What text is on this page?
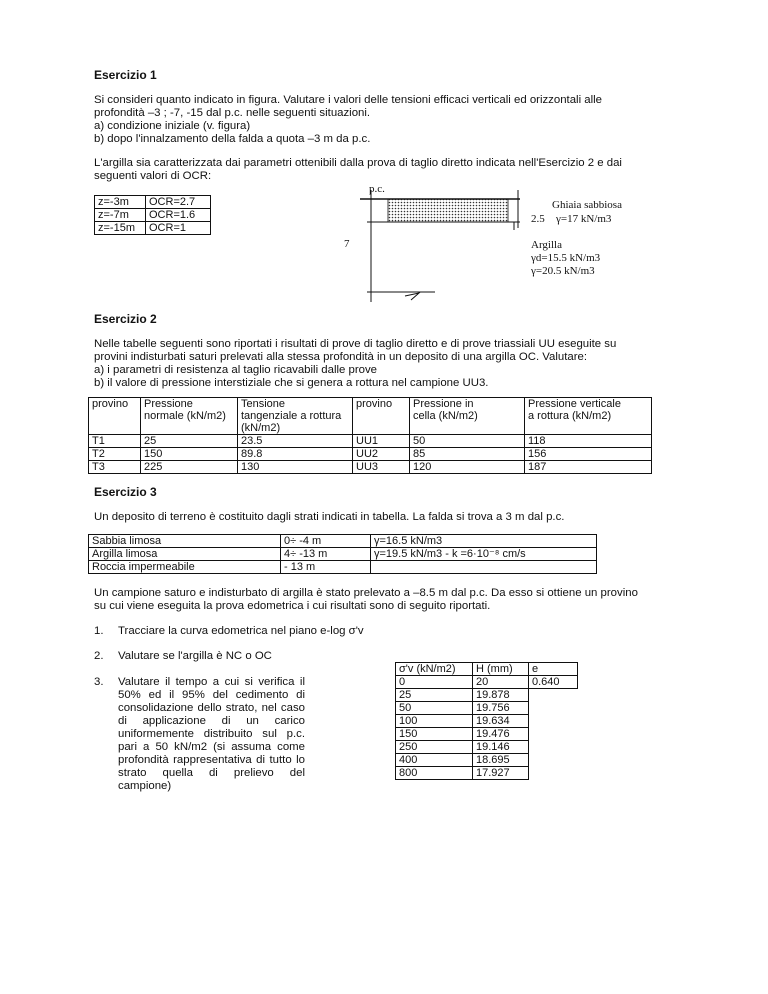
Esercizio 1
Si consideri quanto indicato in figura. Valutare i valori delle tensioni efficaci verticali ed orizzontali alle
profondità –3 ; -7, -15 dal p.c. nelle seguenti situazioni.
a) condizione iniziale (v. figura)
b) dopo l'innalzamento della falda a quota –3 m da p.c.
L'argilla sia caratterizzata dai parametri ottenibili dalla prova di taglio diretto indicata nell'Esercizio 2 e dai
seguenti valori di OCR:
z=-3m	OCR=2.7
z=-7m	OCR=1.6
z=-15m	OCR=1
p.c.
Ghiaia sabbiosa
2.5 γ=17 kN/m3
Argilla
γd=15.5 kN/m3
γ=20.5 kN/m3
7
Esercizio 2
Nelle tabelle seguenti sono riportati i risultati di prove di taglio diretto e di prove triassiali UU eseguite su
provini indisturbati saturi prelevati alla stessa profondità in un deposito di una argilla OC. Valutare:
a) i parametri di resistenza al taglio ricavabili dalle prove
b) il valore di pressione interstiziale che si genera a rottura nel campione UU3.
provino	Pressione
normale (kN/m2)	Tensione
tangenziale a rottura
(kN/m2)	provino	Pressione in
cella (kN/m2)	Pressione verticale
a rottura (kN/m2)
T1	25	23.5	UU1	50	118
T2	150	89.8	UU2	85	156
T3	225	130	UU3	120	187
Esercizio 3
Un deposito di terreno è costituito dagli strati indicati in tabella. La falda si trova a 3 m dal p.c.
Sabbia limosa	0÷ -4 m	γ=16.5 kN/m3
Argilla limosa	4÷ -13 m	γ=19.5 kN/m3 - k =6·10⁻⁸ cm/s
Roccia impermeabile	- 13 m	
Un campione saturo e indisturbato di argilla è stato prelevato a –8.5 m dal p.c. Da esso si ottiene un provino
su cui viene eseguita la prova edometrica i cui risultati sono di seguito riportati.
1. Tracciare la curva edometrica nel piano e-log σ'v
2. Valutare se l'argilla è NC o OC
3. Valutare il tempo a cui si verifica il 50% ed il 95% del cedimento di consolidazione dello strato, nel caso di applicazione di un carico uniformemente distribuito sul p.c. pari a 50 kN/m2 (si assuma come profondità rappresentativa di tutto lo strato quella di prelievo del campione)
σ'v (kN/m2)	H (mm)	e
0	20	0.640
25	19.878	
50	19.756	
100	19.634	
150	19.476	
250	19.146	
400	18.695	
800	17.927	
